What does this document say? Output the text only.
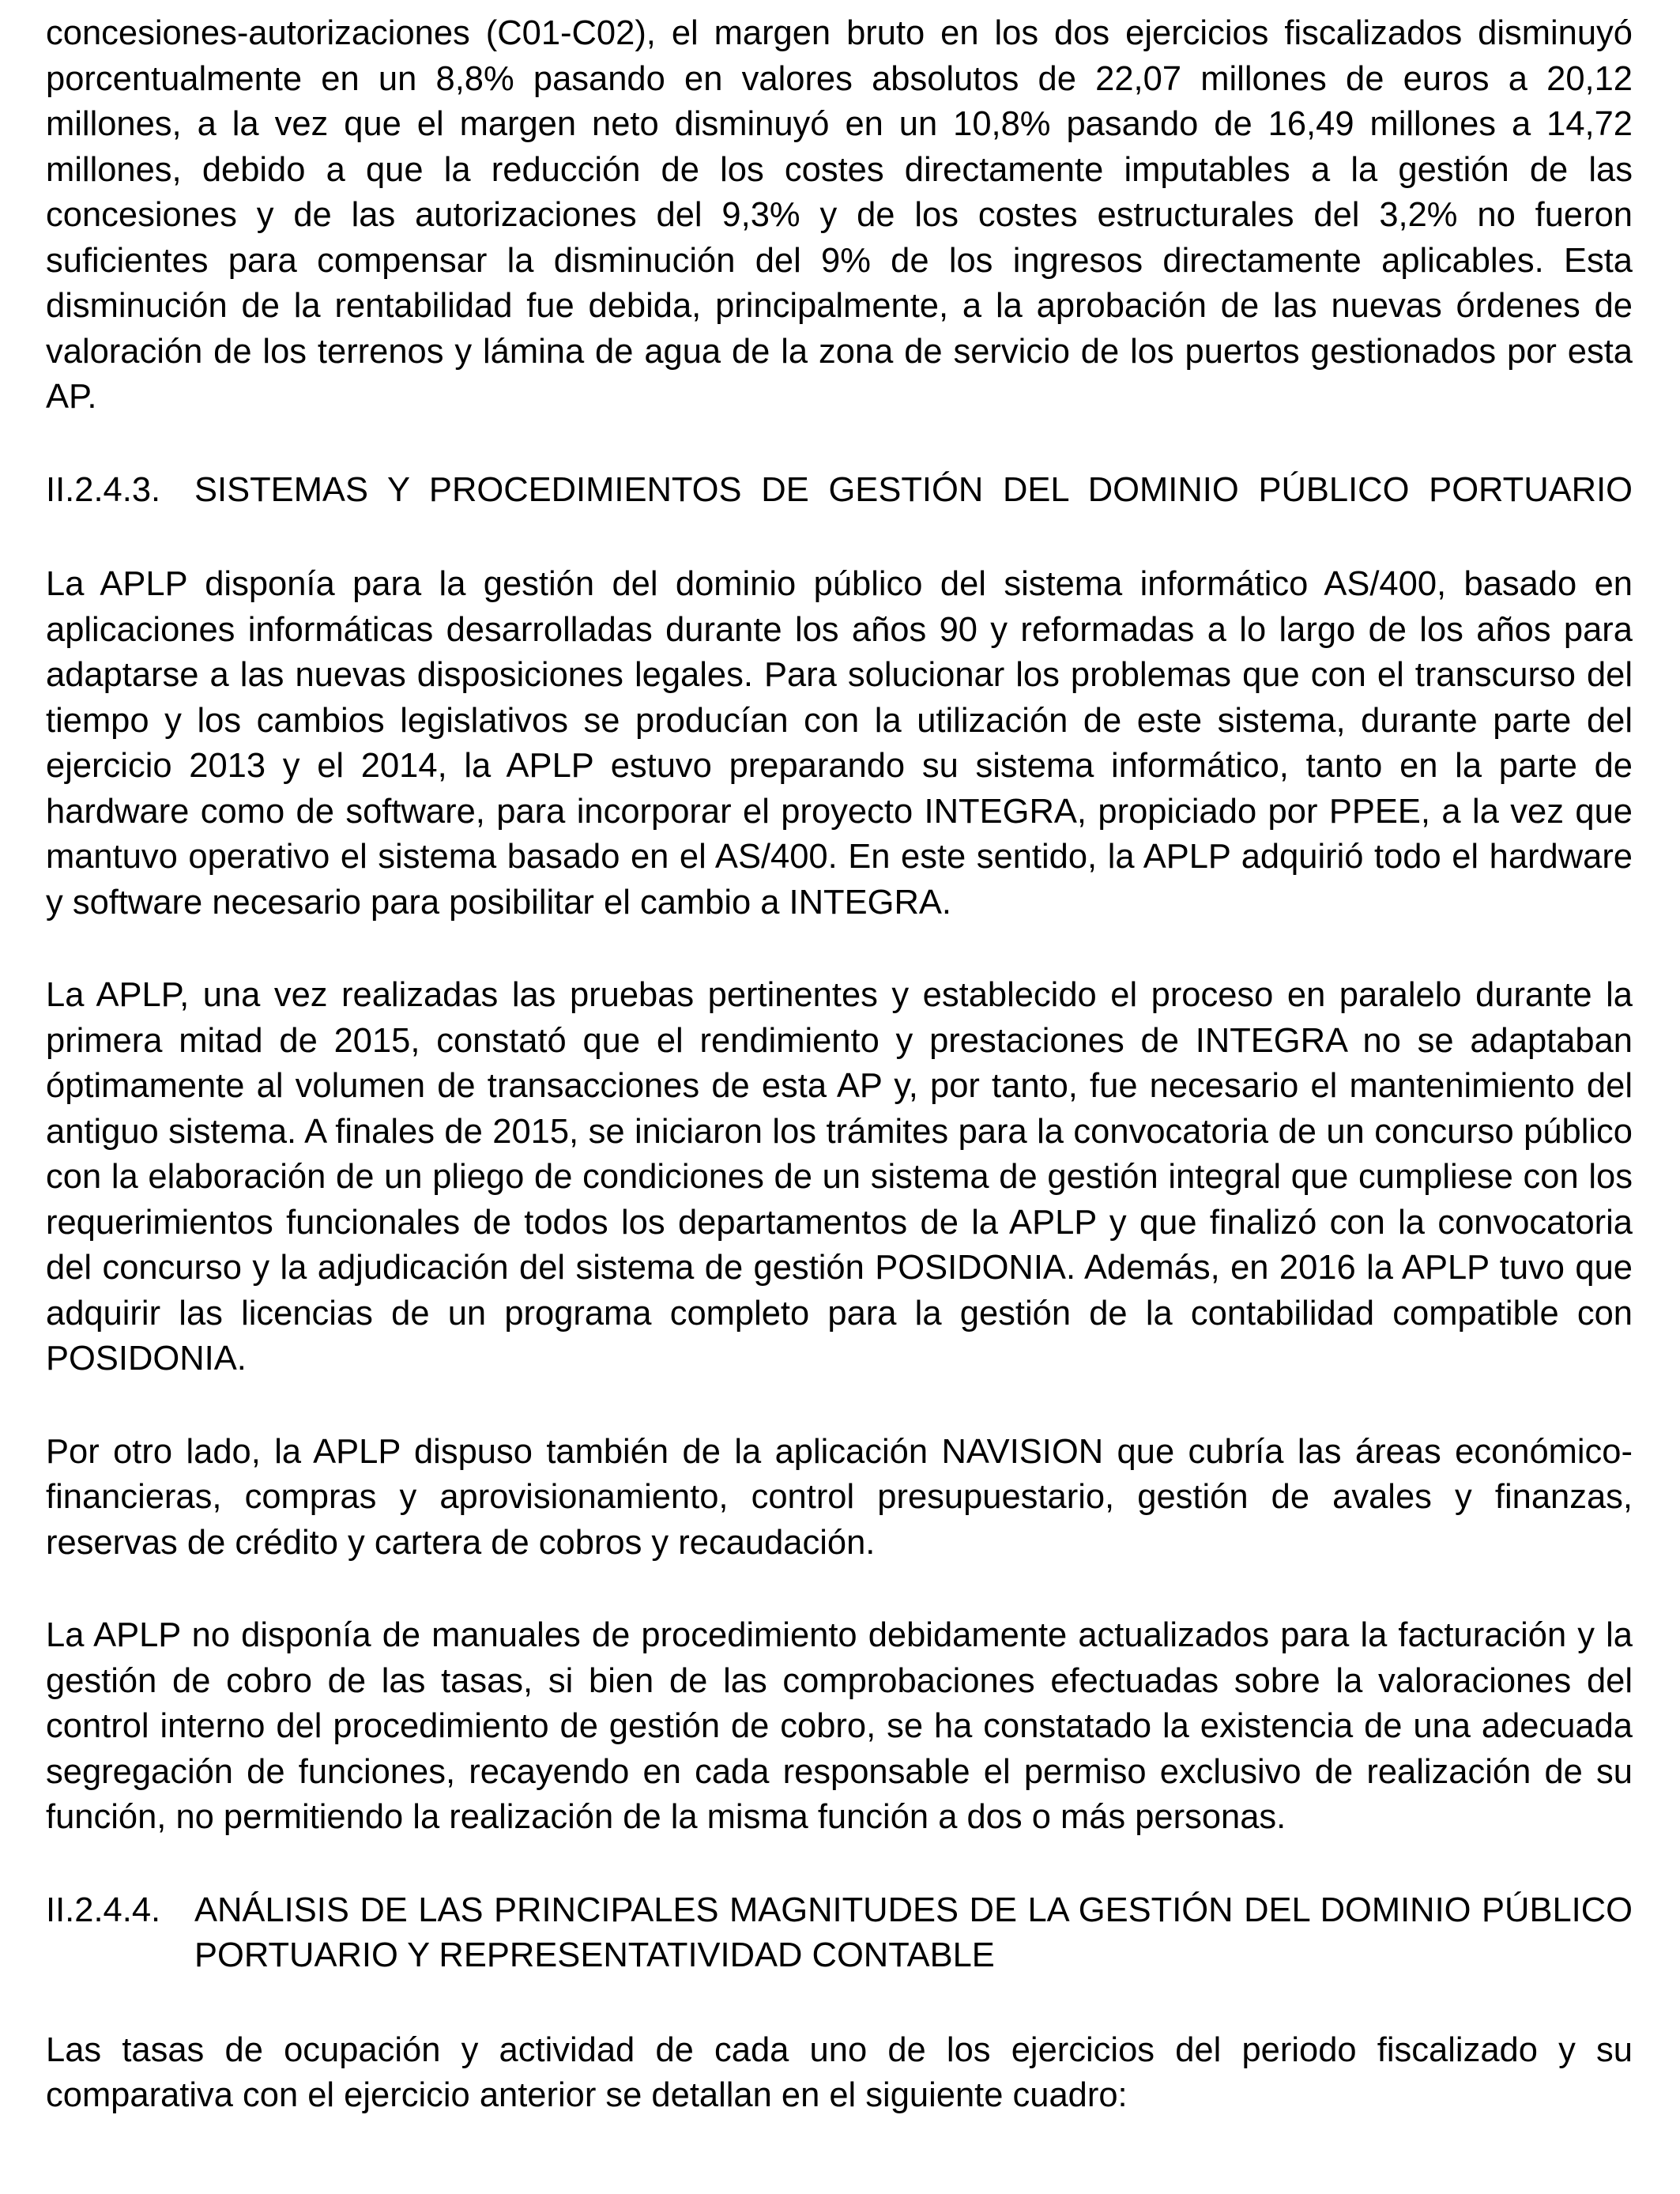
concesiones-autorizaciones (C01-C02), el margen bruto en los dos ejercicios fiscalizados disminuyó porcentualmente en un 8,8% pasando en valores absolutos de 22,07 millones de euros a 20,12 millones, a la vez que el margen neto disminuyó en un 10,8% pasando de 16,49 millones a 14,72 millones, debido a que la reducción de los costes directamente imputables a la gestión de las concesiones y de las autorizaciones del 9,3% y de los costes estructurales del 3,2% no fueron suficientes para compensar la disminución del 9% de los ingresos directamente aplicables. Esta disminución de la rentabilidad fue debida, principalmente, a la aprobación de las nuevas órdenes de valoración de los terrenos y lámina de agua de la zona de servicio de los puertos gestionados por esta AP.

II.2.4.3. SISTEMAS Y PROCEDIMIENTOS DE GESTIÓN DEL DOMINIO PÚBLICO PORTUARIO

La APLP disponía para la gestión del dominio público del sistema informático AS/400, basado en aplicaciones informáticas desarrolladas durante los años 90 y reformadas a lo largo de los años para adaptarse a las nuevas disposiciones legales. Para solucionar los problemas que con el transcurso del tiempo y los cambios legislativos se producían con la utilización de este sistema, durante parte del ejercicio 2013 y el 2014, la APLP estuvo preparando su sistema informático, tanto en la parte de hardware como de software, para incorporar el proyecto INTEGRA, propiciado por PPEE, a la vez que mantuvo operativo el sistema basado en el AS/400. En este sentido, la APLP adquirió todo el hardware y software necesario para posibilitar el cambio a INTEGRA.

La APLP, una vez realizadas las pruebas pertinentes y establecido el proceso en paralelo durante la primera mitad de 2015, constató que el rendimiento y prestaciones de INTEGRA no se adaptaban óptimamente al volumen de transacciones de esta AP y, por tanto, fue necesario el mantenimiento del antiguo sistema. A finales de 2015, se iniciaron los trámites para la convocatoria de un concurso público con la elaboración de un pliego de condiciones de un sistema de gestión integral que cumpliese con los requerimientos funcionales de todos los departamentos de la APLP y que finalizó con la convocatoria del concurso y la adjudicación del sistema de gestión POSIDONIA. Además, en 2016 la APLP tuvo que adquirir las licencias de un programa completo para la gestión de la contabilidad compatible con POSIDONIA.

Por otro lado, la APLP dispuso también de la aplicación NAVISION que cubría las áreas económico-financieras, compras y aprovisionamiento, control presupuestario, gestión de avales y finanzas, reservas de crédito y cartera de cobros y recaudación.

La APLP no disponía de manuales de procedimiento debidamente actualizados para la facturación y la gestión de cobro de las tasas, si bien de las comprobaciones efectuadas sobre la valoraciones del control interno del procedimiento de gestión de cobro, se ha constatado la existencia de una adecuada segregación de funciones, recayendo en cada responsable el permiso exclusivo de realización de su función, no permitiendo la realización de la misma función a dos o más personas.

II.2.4.4. ANÁLISIS DE LAS PRINCIPALES MAGNITUDES DE LA GESTIÓN DEL DOMINIO PÚBLICO PORTUARIO Y REPRESENTATIVIDAD CONTABLE

Las tasas de ocupación y actividad de cada uno de los ejercicios del periodo fiscalizado y su comparativa con el ejercicio anterior se detallan en el siguiente cuadro:
